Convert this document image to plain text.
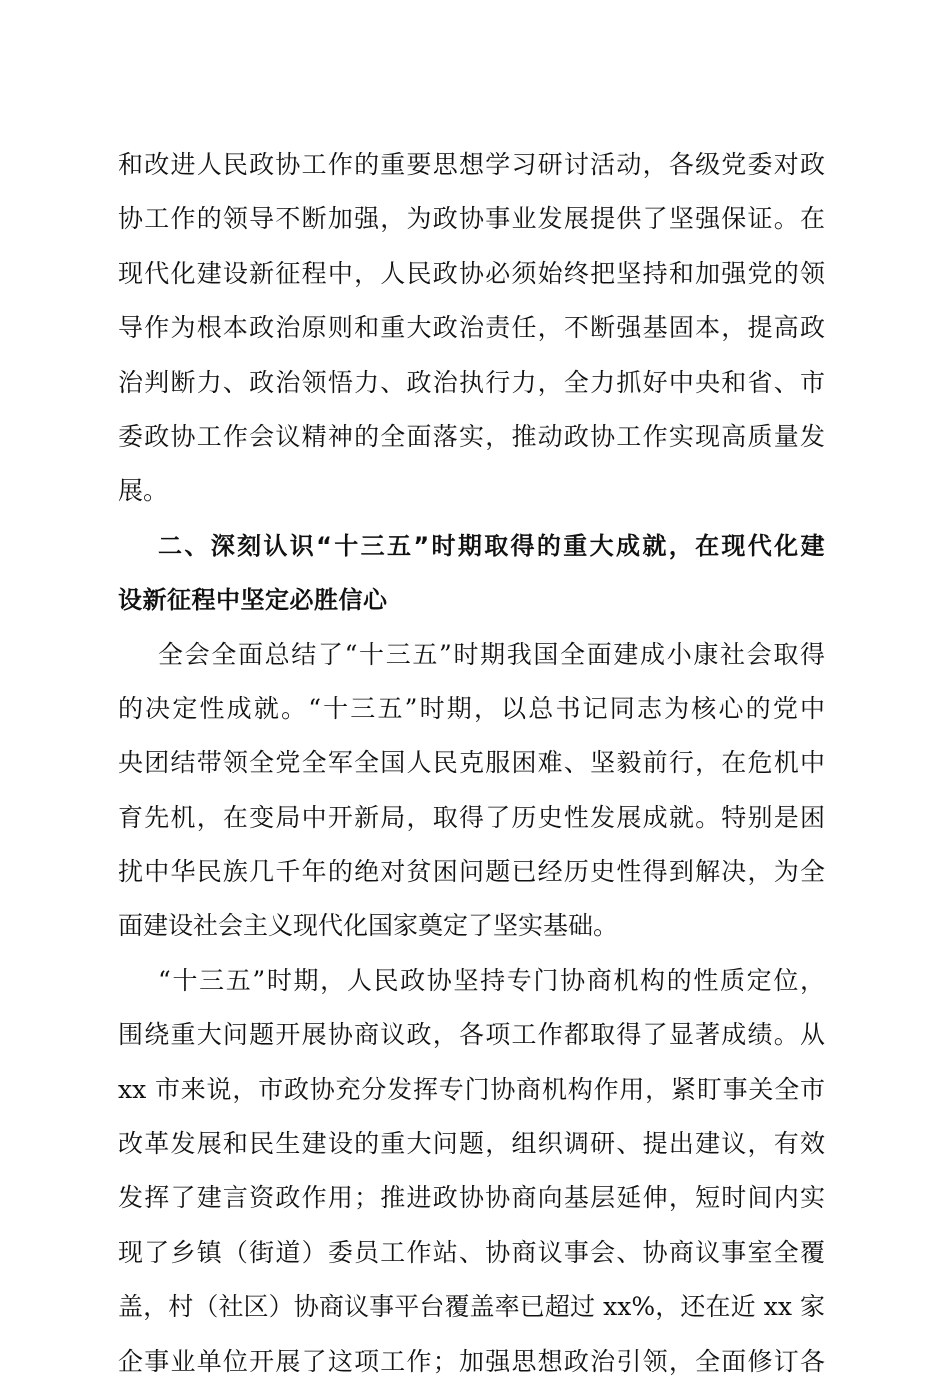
和改进人民政协工作的重要思想学习研讨活动，各级党委对政
协工作的领导不断加强，为政协事业发展提供了坚强保证。在
现代化建设新征程中，人民政协必须始终把坚持和加强党的领
导作为根本政治原则和重大政治责任，不断强基固本，提高政
治判断力、政治领悟力、政治执行力，全力抓好中央和省、市
委政协工作会议精神的全面落实，推动政协工作实现高质量发
展。
二、深刻认识“十三五”时期取得的重大成就，在现代化建
设新征程中坚定必胜信心
全会全面总结了“十三五”时期我国全面建成小康社会取得
的决定性成就。“十三五”时期，以总书记同志为核心的党中
央团结带领全党全军全国人民克服困难、坚毅前行，在危机中
育先机，在变局中开新局，取得了历史性发展成就。特别是困
扰中华民族几千年的绝对贫困问题已经历史性得到解决，为全
面建设社会主义现代化国家奠定了坚实基础。
“十三五”时期，人民政协坚持专门协商机构的性质定位，
围绕重大问题开展协商议政，各项工作都取得了显著成绩。从
xx 市来说，市政协充分发挥专门协商机构作用，紧盯事关全市
改革发展和民生建设的重大问题，组织调研、提出建议，有效
发挥了建言资政作用；推进政协协商向基层延伸，短时间内实
现了乡镇（街道）委员工作站、协商议事会、协商议事室全覆
盖，村（社区）协商议事平台覆盖率已超过 xx%，还在近 xx 家
企事业单位开展了这项工作；加强思想政治引领，全面修订各
